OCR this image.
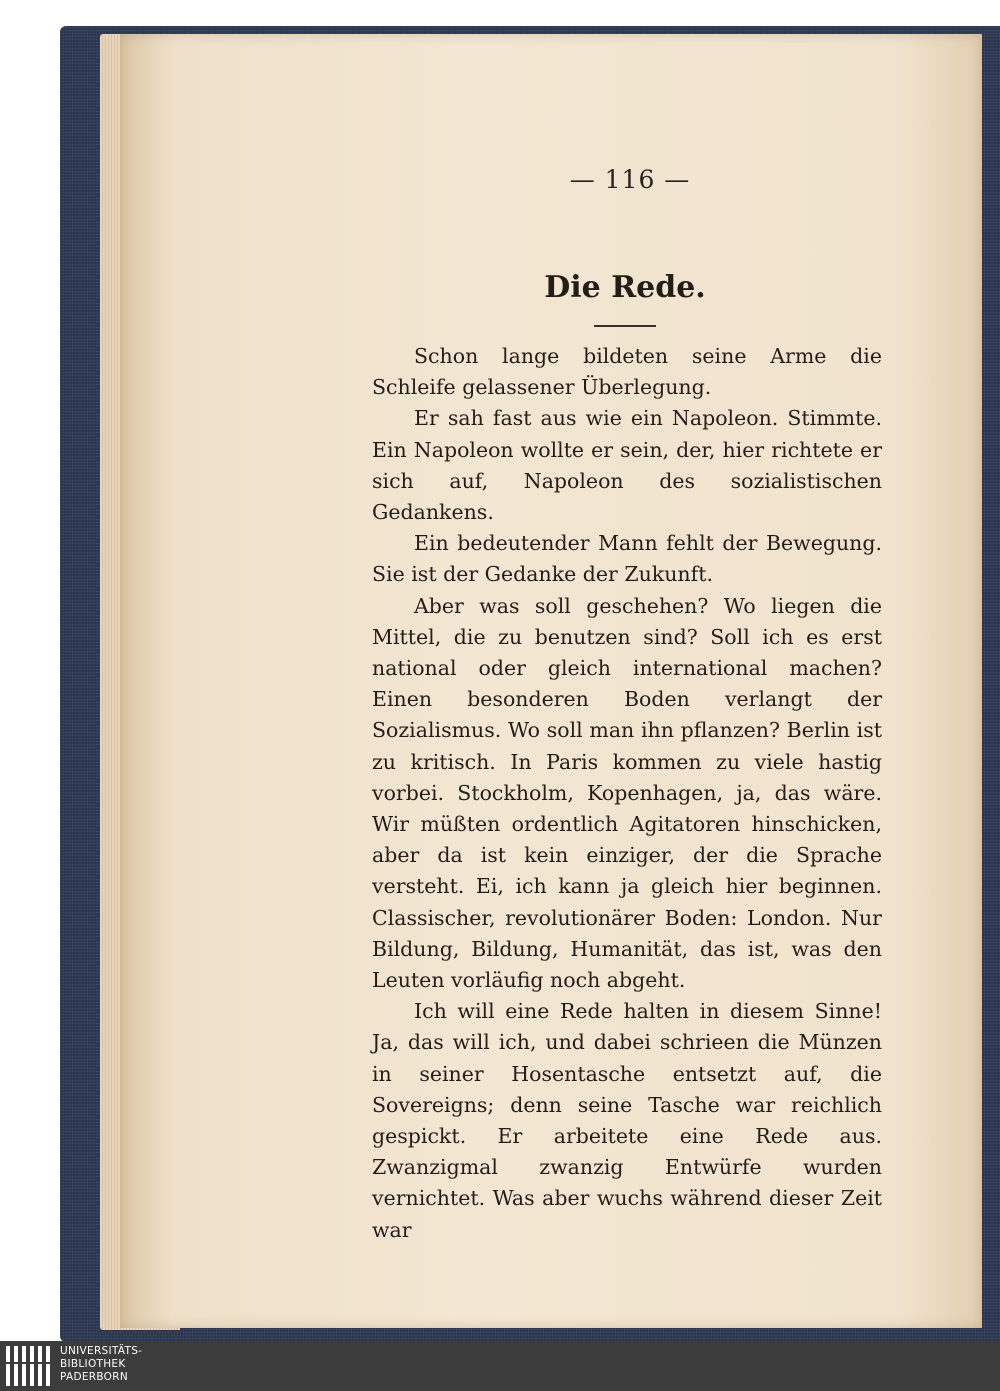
— 116 —
Die Rede.

Schon lange bildeten seine Arme die Schleife gelassener Überlegung.

Er sah fast aus wie ein Napoleon. Stimmte. Ein Napoleon wollte er sein, der, hier richtete er sich auf, Napoleon des sozialistischen Gedankens.

Ein bedeutender Mann fehlt der Bewegung. Sie ist der Gedanke der Zukunft.

Aber was soll geschehen? Wo liegen die Mittel, die zu benutzen sind? Soll ich es erst national oder gleich international machen? Einen besonderen Boden verlangt der Sozialismus. Wo soll man ihn pflanzen? Berlin ist zu kritisch. In Paris kommen zu viele hastig vorbei. Stockholm, Kopenhagen, ja, das wäre. Wir müßten ordentlich Agitatoren hinschicken, aber da ist kein einziger, der die Sprache versteht. Ei, ich kann ja gleich hier beginnen. Classischer, revolutionärer Boden: London. Nur Bildung, Bildung, Humanität, das ist, was den Leuten vorläufig noch abgeht.

Ich will eine Rede halten in diesem Sinne! Ja, das will ich, und dabei schrieen die Münzen in seiner Hosentasche entsetzt auf, die Sovereigns; denn seine Tasche war reichlich gespickt. Er arbeitete eine Rede aus. Zwanzigmal zwanzig Entwürfe wurden vernichtet. Was aber wuchs während dieser Zeit war

UNIVERSITÄTS-
BIBLIOTHEK
PADERBORN
